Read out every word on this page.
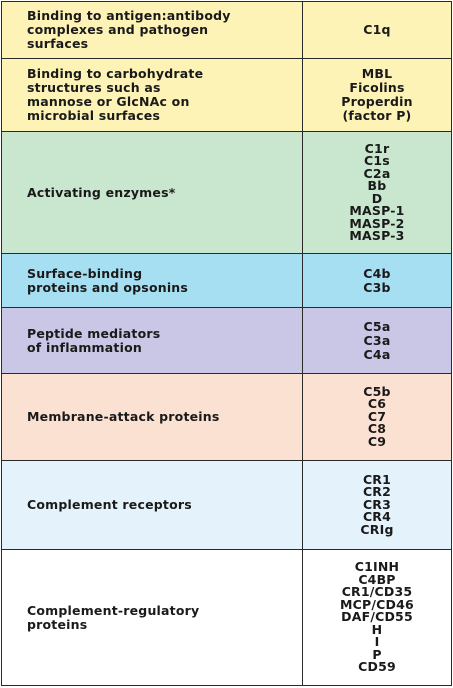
Binding to antigen:antibody
complexes and pathogen
surfaces
C1q
Binding to carbohydrate
structures such as
mannose or GlcNAc on
microbial surfaces
MBL
Ficolins
Properdin
(factor P)
Activating enzymes*
C1r
C1s
C2a
Bb
D
MASP-1
MASP-2
MASP-3
Surface-binding
proteins and opsonins
C4b
C3b
Peptide mediators
of inflammation
C5a
C3a
C4a
Membrane-attack proteins
C5b
C6
C7
C8
C9
Complement receptors
CR1
CR2
CR3
CR4
CRIg
Complement-regulatory
proteins
C1INH
C4BP
CR1/CD35
MCP/CD46
DAF/CD55
H
I
P
CD59
